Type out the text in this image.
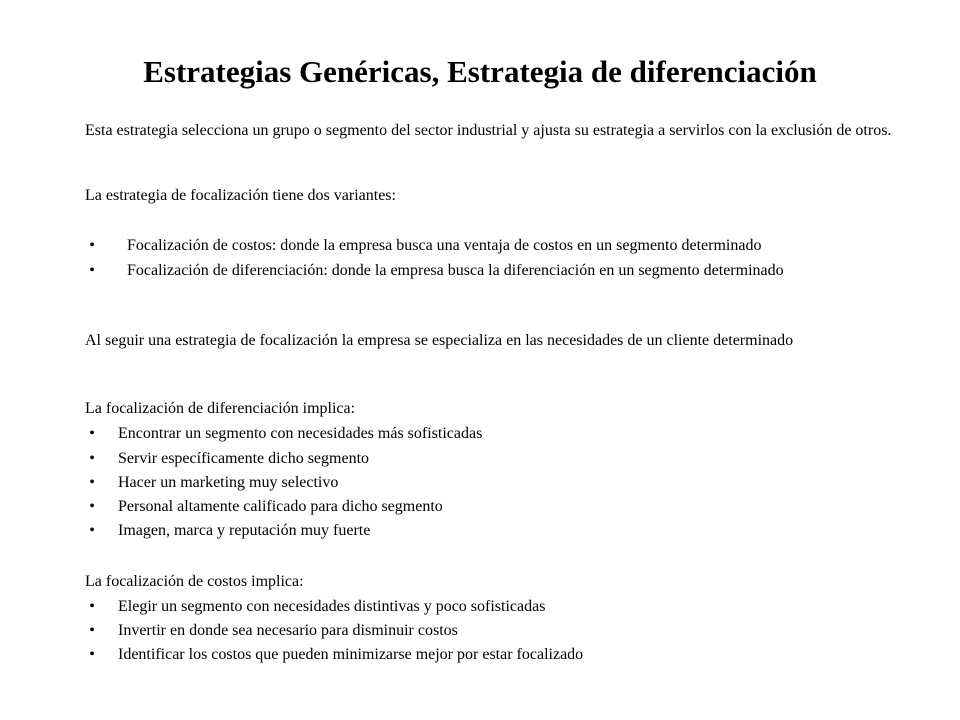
Estrategias Genéricas, Estrategia de diferenciación
Esta estrategia selecciona un grupo o segmento del sector industrial y ajusta su estrategia a servirlos con la exclusión de otros.
La estrategia de focalización tiene dos variantes:
•	Focalización de costos: donde la empresa busca una ventaja de costos en un segmento determinado
•	Focalización de diferenciación: donde la empresa busca la diferenciación en un segmento determinado
Al seguir una estrategia de focalización la empresa se especializa en las necesidades de un cliente determinado
La focalización de diferenciación implica:
• Encontrar un segmento con necesidades más sofisticadas
• Servir específicamente dicho segmento
• Hacer un marketing muy selectivo
• Personal altamente calificado para dicho segmento
• Imagen, marca y reputación muy fuerte
La focalización de costos implica:
• Elegir un segmento con necesidades distintivas y poco sofisticadas
• Invertir en donde sea necesario para disminuir costos
• Identificar los costos que pueden minimizarse mejor por estar focalizado
